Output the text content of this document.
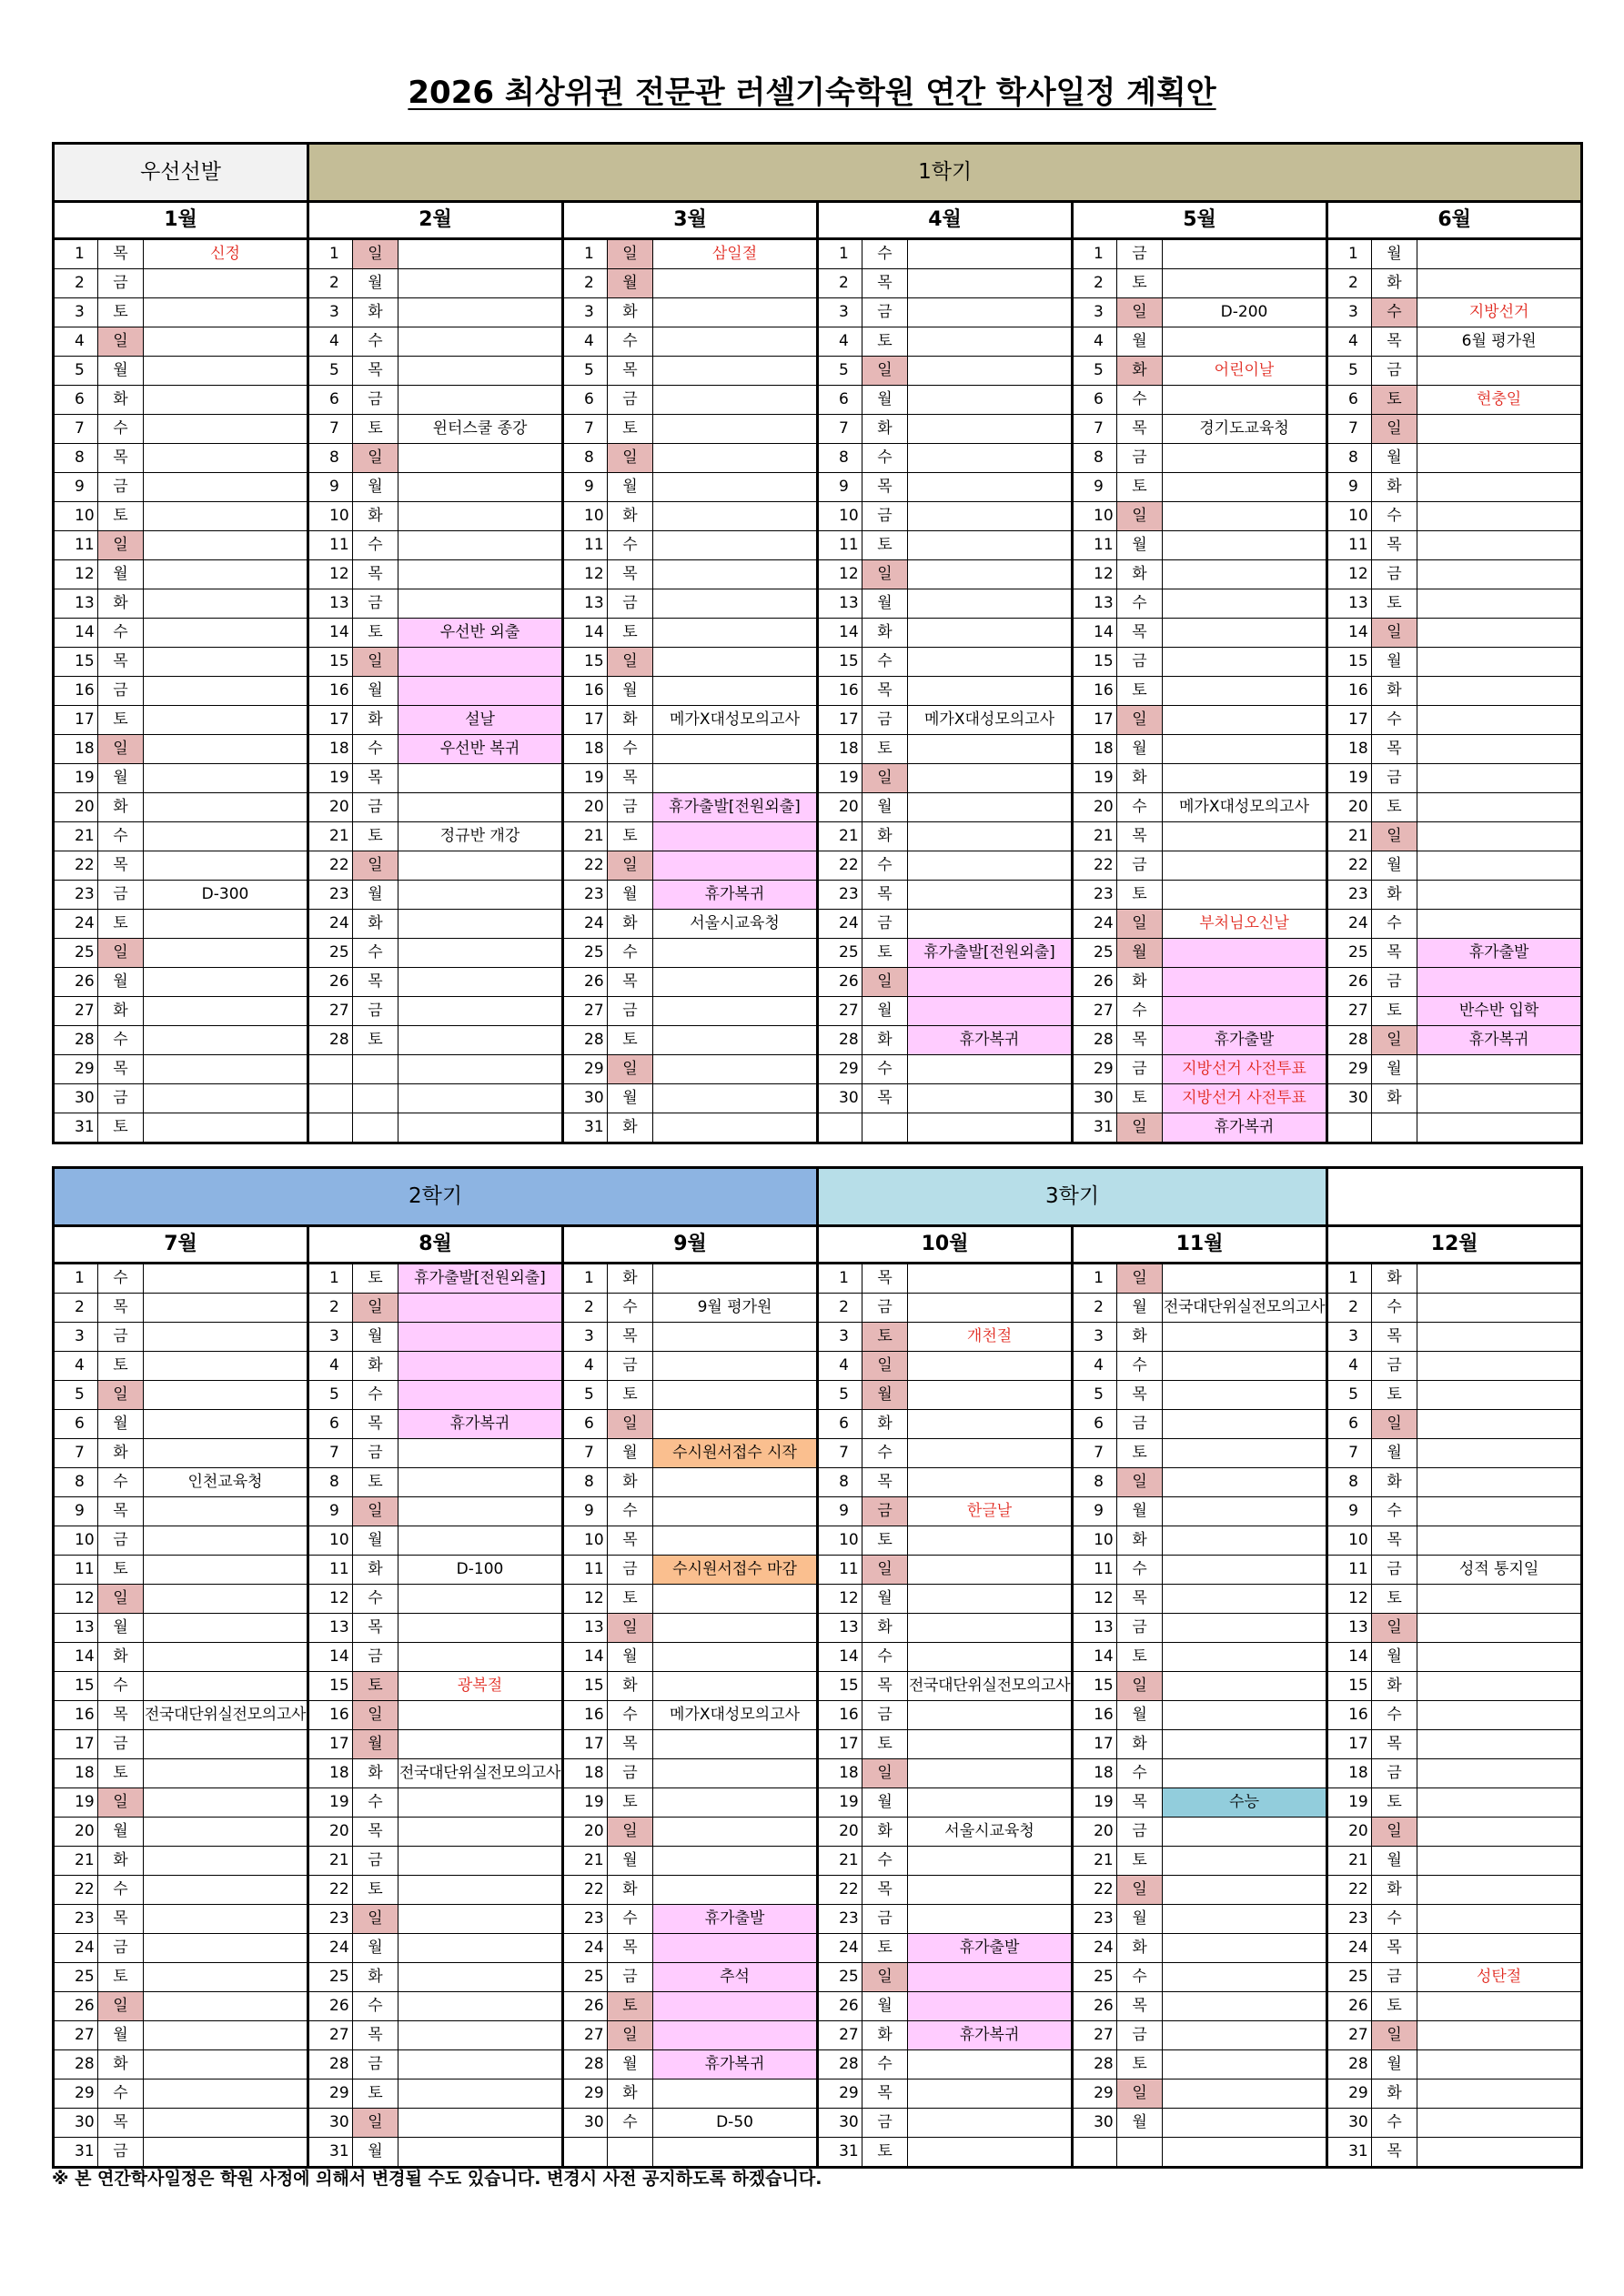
2026 최상위권 전문관 러셀기숙학원 연간 학사일정 계획안
우선선발			1학기														
1월			2월			3월			4월			5월			6월		
1	목	신정	1	일		1	일	삼일절	1	수		1	금		1	월	
2	금		2	월		2	월		2	목		2	토		2	화	
3	토		3	화		3	화		3	금		3	일	D-200	3	수	지방선거
4	일		4	수		4	수		4	토		4	월		4	목	6월 평가원
5	월		5	목		5	목		5	일		5	화	어린이날	5	금	
6	화		6	금		6	금		6	월		6	수		6	토	현충일
7	수		7	토	윈터스쿨 종강	7	토		7	화		7	목	경기도교육청	7	일	
8	목		8	일		8	일		8	수		8	금		8	월	
9	금		9	월		9	월		9	목		9	토		9	화	
10	토		10	화		10	화		10	금		10	일		10	수	
11	일		11	수		11	수		11	토		11	월		11	목	
12	월		12	목		12	목		12	일		12	화		12	금	
13	화		13	금		13	금		13	월		13	수		13	토	
14	수		14	토	우선반 외출	14	토		14	화		14	목		14	일	
15	목		15	일		15	일		15	수		15	금		15	월	
16	금		16	월		16	월		16	목		16	토		16	화	
17	토		17	화	설날	17	화	메가X대성모의고사	17	금	메가X대성모의고사	17	일		17	수	
18	일		18	수	우선반 복귀	18	수		18	토		18	월		18	목	
19	월		19	목		19	목		19	일		19	화		19	금	
20	화		20	금		20	금	휴가출발[전원외출]	20	월		20	수	메가X대성모의고사	20	토	
21	수		21	토	정규반 개강	21	토		21	화		21	목		21	일	
22	목		22	일		22	일		22	수		22	금		22	월	
23	금	D-300	23	월		23	월	휴가복귀	23	목		23	토		23	화	
24	토		24	화		24	화	서울시교육청	24	금		24	일	부처님오신날	24	수	
25	일		25	수		25	수		25	토	휴가출발[전원외출]	25	월		25	목	휴가출발
26	월		26	목		26	목		26	일		26	화		26	금	
27	화		27	금		27	금		27	월		27	수		27	토	반수반 입학
28	수		28	토		28	토		28	화	휴가복귀	28	목	휴가출발	28	일	휴가복귀
29	목					29	일		29	수		29	금	지방선거 사전투표	29	월	
30	금					30	월		30	목		30	토	지방선거 사전투표	30	화	
31	토					31	화					31	일	휴가복귀			
2학기									3학기								
7월			8월			9월			10월			11월			12월		
1	수		1	토	휴가출발[전원외출]	1	화		1	목		1	일		1	화	
2	목		2	일		2	수	9월 평가원	2	금		2	월	전국대단위실전모의고사	2	수	
3	금		3	월		3	목		3	토	개천절	3	화		3	목	
4	토		4	화		4	금		4	일		4	수		4	금	
5	일		5	수		5	토		5	월		5	목		5	토	
6	월		6	목	휴가복귀	6	일		6	화		6	금		6	일	
7	화		7	금		7	월	수시원서접수 시작	7	수		7	토		7	월	
8	수	인천교육청	8	토		8	화		8	목		8	일		8	화	
9	목		9	일		9	수		9	금	한글날	9	월		9	수	
10	금		10	월		10	목		10	토		10	화		10	목	
11	토		11	화	D-100	11	금	수시원서접수 마감	11	일		11	수		11	금	성적 통지일
12	일		12	수		12	토		12	월		12	목		12	토	
13	월		13	목		13	일		13	화		13	금		13	일	
14	화		14	금		14	월		14	수		14	토		14	월	
15	수		15	토	광복절	15	화		15	목	전국대단위실전모의고사	15	일		15	화	
16	목	전국대단위실전모의고사	16	일		16	수	메가X대성모의고사	16	금		16	월		16	수	
17	금		17	월		17	목		17	토		17	화		17	목	
18	토		18	화	전국대단위실전모의고사	18	금		18	일		18	수		18	금	
19	일		19	수		19	토		19	월		19	목	수능	19	토	
20	월		20	목		20	일		20	화	서울시교육청	20	금		20	일	
21	화		21	금		21	월		21	수		21	토		21	월	
22	수		22	토		22	화		22	목		22	일		22	화	
23	목		23	일		23	수	휴가출발	23	금		23	월		23	수	
24	금		24	월		24	목		24	토	휴가출발	24	화		24	목	
25	토		25	화		25	금	추석	25	일		25	수		25	금	성탄절
26	일		26	수		26	토		26	월		26	목		26	토	
27	월		27	목		27	일		27	화	휴가복귀	27	금		27	일	
28	화		28	금		28	월	휴가복귀	28	수		28	토		28	월	
29	수		29	토		29	화		29	목		29	일		29	화	
30	목		30	일		30	수	D-50	30	금		30	월		30	수	
31	금		31	월					31	토					31	목	
※ 본 연간학사일정은 학원 사정에 의해서 변경될 수도 있습니다. 변경시 사전 공지하도록 하겠습니다.
